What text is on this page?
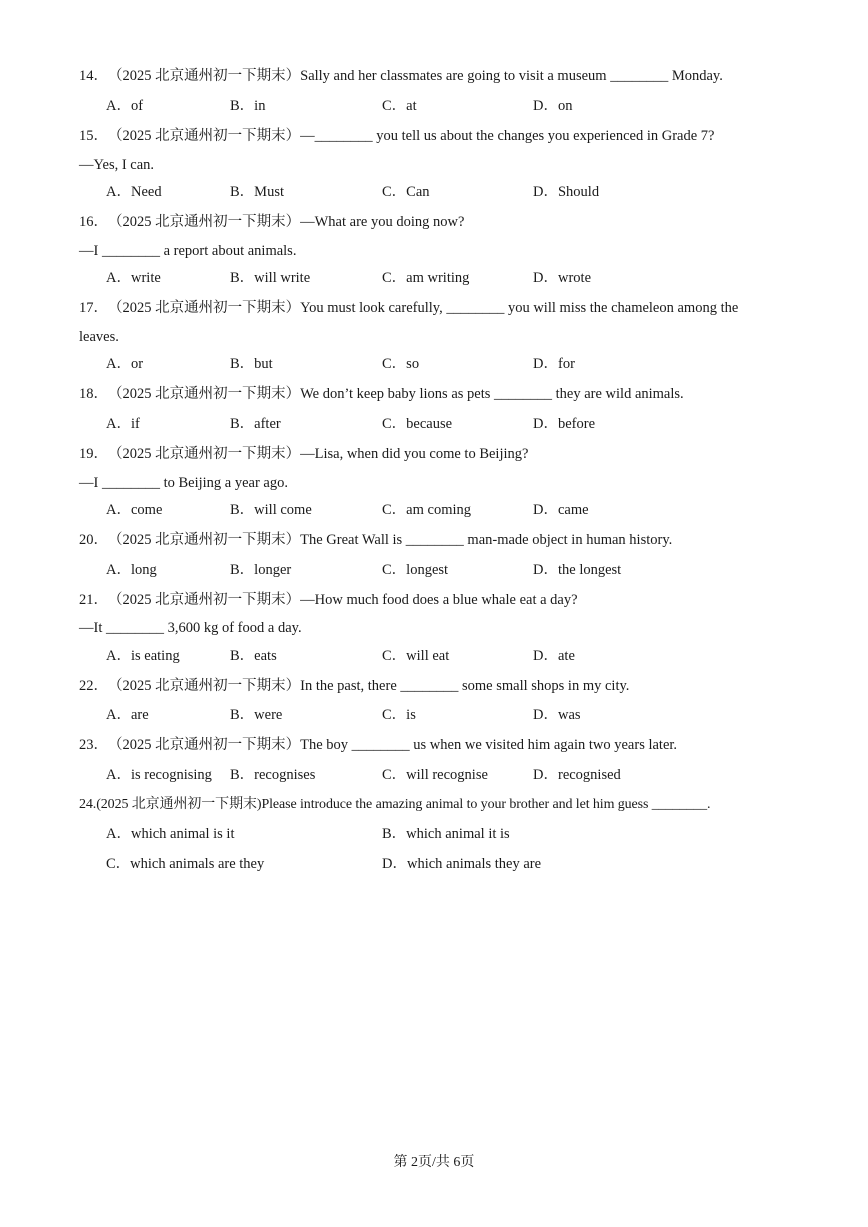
14．（2025 北京通州初一下期末）Sally and her classmates are going to visit a museum ________ Monday.
A．of	B．in	C．at	D．on
15．（2025 北京通州初一下期末）—________ you tell us about the changes you experienced in Grade 7?
—Yes, I can.
A．Need	B．Must	C．Can	D．Should
16．（2025 北京通州初一下期末）—What are you doing now?
—I ________ a report about animals.
A．write	B．will write	C．am writing	D．wrote
17．（2025 北京通州初一下期末）You must look carefully, ________ you will miss the chameleon among the
leaves.
A．or	B．but	C．so	D．for
18．（2025 北京通州初一下期末）We don’t keep baby lions as pets ________ they are wild animals.
A．if	B．after	C．because	D．before
19．（2025 北京通州初一下期末）—Lisa, when did you come to Beijing?
—I ________ to Beijing a year ago.
A．come	B．will come	C．am coming	D．came
20．（2025 北京通州初一下期末）The Great Wall is ________ man-made object in human history.
A．long	B．longer	C．longest	D．the longest
21．（2025 北京通州初一下期末）—How much food does a blue whale eat a day?
—It ________ 3,600 kg of food a day.
A．is eating	B．eats	C．will eat	D．ate
22．（2025 北京通州初一下期末）In the past, there ________ some small shops in my city.
A．are	B．were	C．is	D．was
23．（2025 北京通州初一下期末）The boy ________ us when we visited him again two years later.
A．is recognising B．recognises	C．will recognise	D．recognised
24.(2025 北京通州初一下期末)Please introduce the amazing animal to your brother and let him guess ________.
A．which animal is it	B．which animal it is
C．which animals are they	D．which animals they are
第 2页/共 6页
